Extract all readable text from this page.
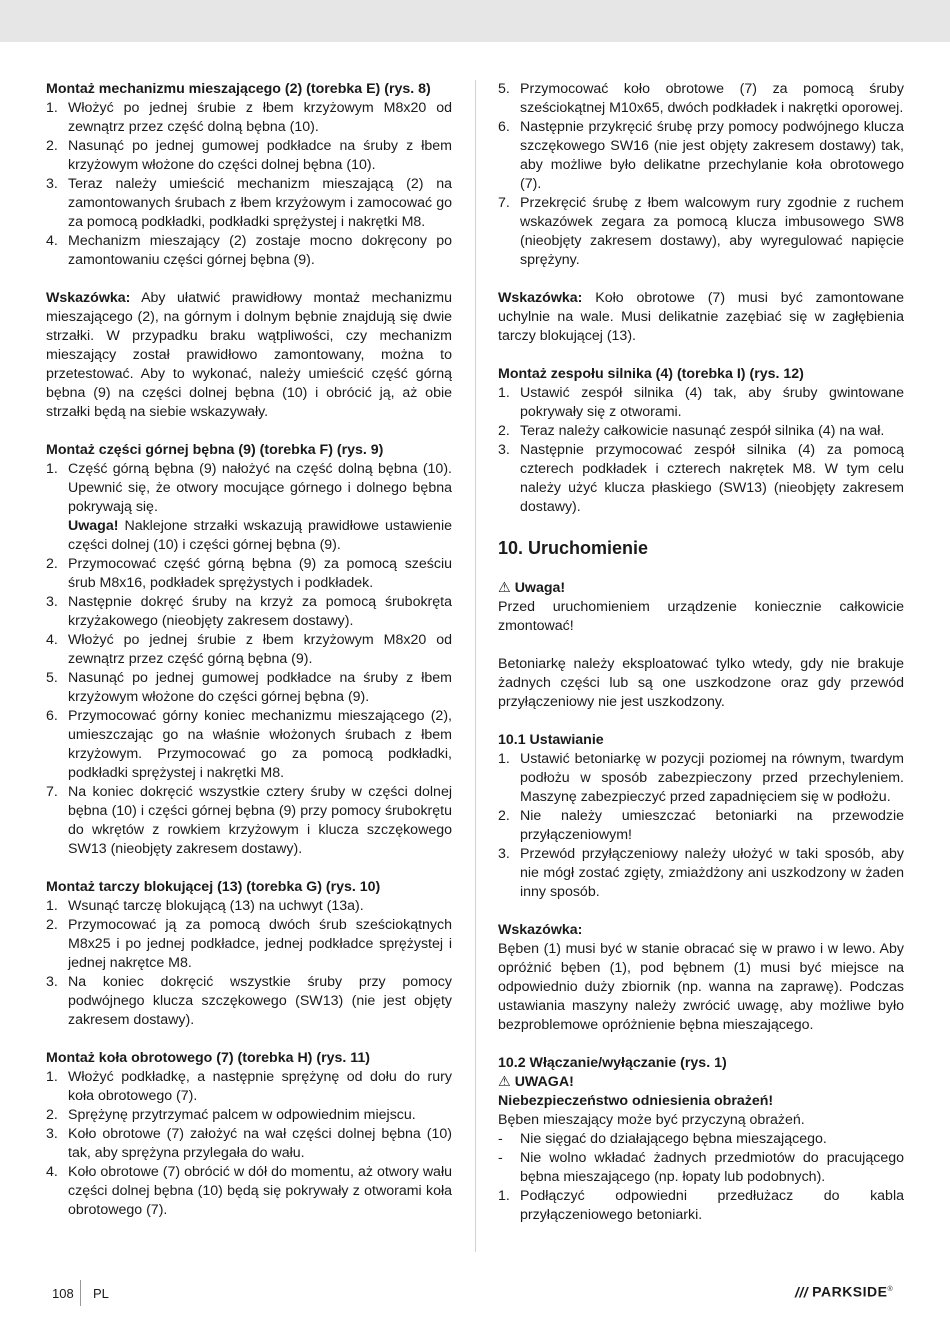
Montaż mechanizmu mieszającego (2) (torebka E) (rys. 8)

1. Włożyć po jednej śrubie z łbem krzyżowym M8x20 od zewnątrz przez część dolną bębna (10).
2. Nasunąć po jednej gumowej podkładce na śruby z łbem krzyżowym włożone do części dolnej bębna (10).
3. Teraz należy umieścić mechanizm mieszającą (2) na zamontowanych śrubach z łbem krzyżowym i zamocować go za pomocą podkładki, podkładki sprężystej i nakrętki M8.
4. Mechanizm mieszający (2) zostaje mocno dokręcony po zamontowaniu części górnej bębna (9).

Wskazówka: Aby ułatwić prawidłowy montaż mechanizmu mieszającego (2), na górnym i dolnym bębnie znajdują się dwie strzałki. W przypadku braku wątpliwości, czy mechanizm mieszający został prawidłowo zamontowany, można to przetestować. Aby to wykonać, należy umieścić część górną bębna (9) na części dolnej bębna (10) i obrócić ją, aż obie strzałki będą na siebie wskazywały.

Montaż części górnej bębna (9) (torebka F) (rys. 9)

1. Część górną bębna (9) nałożyć na część dolną bębna (10). Upewnić się, że otwory mocujące górnego i dolnego bębna pokrywają się.
Uwaga! Naklejone strzałki wskazują prawidłowe ustawienie części dolnej (10) i części górnej bębna (9).
2. Przymocować część górną bębna (9) za pomocą sześciu śrub M8x16, podkładek sprężystych i podkładek.
3. Następnie dokręć śruby na krzyż za pomocą śrubokręta krzyżakowego (nieobjęty zakresem dostawy).
4. Włożyć po jednej śrubie z łbem krzyżowym M8x20 od zewnątrz przez część górną bębna (9).
5. Nasunąć po jednej gumowej podkładce na śruby z łbem krzyżowym włożone do części górnej bębna (9).
6. Przymocować górny koniec mechanizmu mieszającego (2), umieszczając go na właśnie włożonych śrubach z łbem krzyżowym. Przymocować go za pomocą podkładki, podkładki sprężystej i nakrętki M8.
7. Na koniec dokręcić wszystkie cztery śruby w części dolnej bębna (10) i części górnej bębna (9) przy pomocy śrubokrętu do wkrętów z rowkiem krzyżowym i klucza szczękowego SW13 (nieobjęty zakresem dostawy).

Montaż tarczy blokującej (13) (torebka G) (rys. 10)

1. Wsunąć tarczę blokującą (13) na uchwyt (13a).
2. Przymocować ją za pomocą dwóch śrub sześciokątnych M8x25 i po jednej podkładce, jednej podkładce sprężystej i jednej nakrętce M8.
3. Na koniec dokręcić wszystkie śruby przy pomocy podwójnego klucza szczękowego (SW13) (nie jest objęty zakresem dostawy).

Montaż koła obrotowego (7) (torebka H) (rys. 11)

1. Włożyć podkładkę, a następnie sprężynę od dołu do rury koła obrotowego (7).
2. Sprężynę przytrzymać palcem w odpowiednim miejscu.
3. Koło obrotowe (7) założyć na wał części dolnej bębna (10) tak, aby sprężyna przylegała do wału.
4. Koło obrotowe (7) obrócić w dół do momentu, aż otwory wału części dolnej bębna (10) będą się pokrywały z otworami koła obrotowego (7).
5. Przymocować koło obrotowe (7) za pomocą śruby sześciokątnej M10x65, dwóch podkładek i nakrętki oporowej.
6. Następnie przykręcić śrubę przy pomocy podwójnego klucza szczękowego SW16 (nie jest objęty zakresem dostawy) tak, aby możliwe było delikatne przechylanie koła obrotowego (7).
7. Przekręcić śrubę z łbem walcowym rury zgodnie z ruchem wskazówek zegara za pomocą klucza imbusowego SW8 (nieobjęty zakresem dostawy), aby wyregulować napięcie sprężyny.

Wskazówka: Koło obrotowe (7) musi być zamontowane uchylnie na wale. Musi delikatnie zazębiać się w zagłębienia tarczy blokującej (13).

Montaż zespołu silnika (4) (torebka I) (rys. 12)

1. Ustawić zespół silnika (4) tak, aby śruby gwintowane pokrywały się z otworami.
2. Teraz należy całkowicie nasunąć zespół silnika (4) na wał.
3. Następnie przymocować zespół silnika (4) za pomocą czterech podkładek i czterech nakrętek M8. W tym celu należy użyć klucza płaskiego (SW13) (nieobjęty zakresem dostawy).

10. Uruchomienie

⚠ Uwaga!

Przed uruchomieniem urządzenie koniecznie całkowicie zmontować!

Betoniarkę należy eksploatować tylko wtedy, gdy nie brakuje żadnych części lub są one uszkodzone oraz gdy przewód przyłączeniowy nie jest uszkodzony.

10.1 Ustawianie

1. Ustawić betoniarkę w pozycji poziomej na równym, twardym podłożu w sposób zabezpieczony przed przechyleniem. Maszynę zabezpieczyć przed zapadnięciem się w podłożu.
2. Nie należy umieszczać betoniarki na przewodzie przyłączeniowym!
3. Przewód przyłączeniowy należy ułożyć w taki sposób, aby nie mógł zostać zgięty, zmiażdżony ani uszkodzony w żaden inny sposób.

Wskazówka:

Bęben (1) musi być w stanie obracać się w prawo i w lewo. Aby opróżnić bęben (1), pod bębnem (1) musi być miejsce na odpowiednio duży zbiornik (np. wanna na zaprawę). Podczas ustawiania maszyny należy zwrócić uwagę, aby możliwe było bezproblemowe opróżnienie bębna mieszającego.

10.2 Włączanie/wyłączanie (rys. 1)

⚠ UWAGA!

Niebezpieczeństwo odniesienia obrażeń!

Bęben mieszający może być przyczyną obrażeń.

- Nie sięgać do działającego bębna mieszającego.
- Nie wolno wkładać żadnych przedmiotów do pracującego bębna mieszającego (np. łopaty lub podobnych).
1. Podłączyć odpowiedni przedłużacz do kabla przyłączeniowego betoniarki.
108 PL	/// PARKSIDE®
